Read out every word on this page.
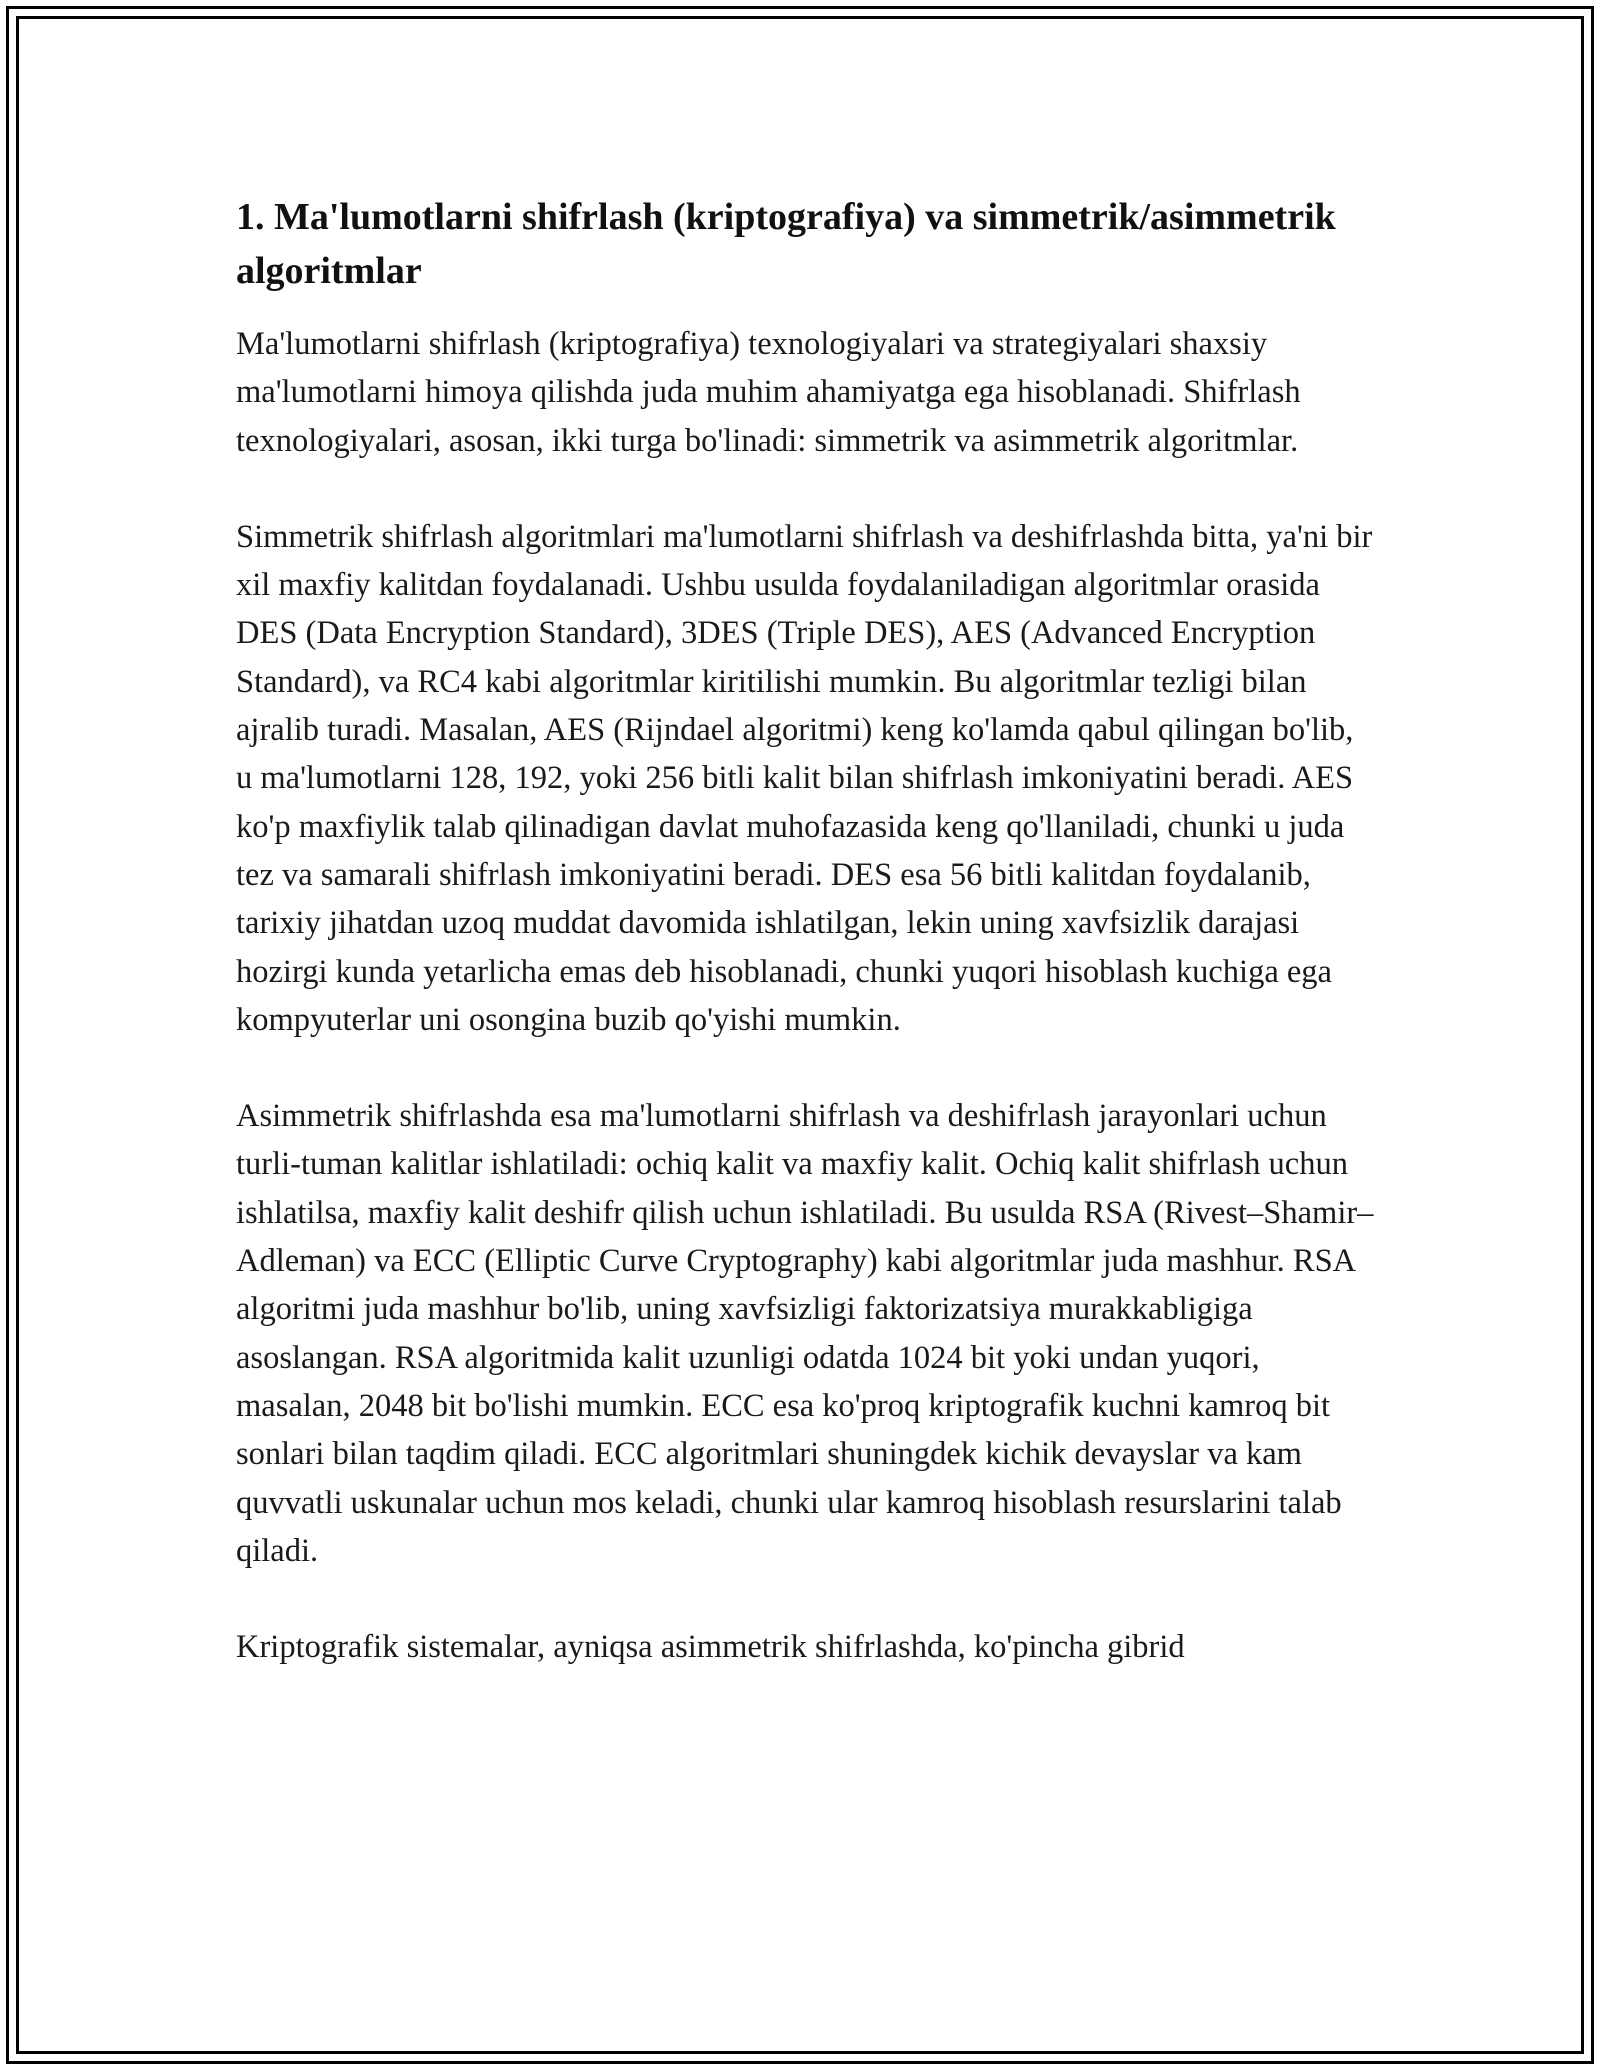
1. Ma'lumotlarni shifrlash (kriptografiya) va simmetrik/asimmetrik algoritmlar

Ma'lumotlarni shifrlash (kriptografiya) texnologiyalari va strategiyalari shaxsiy ma'lumotlarni himoya qilishda juda muhim ahamiyatga ega hisoblanadi. Shifrlash texnologiyalari, asosan, ikki turga bo'linadi: simmetrik va asimmetrik algoritmlar.

Simmetrik shifrlash algoritmlari ma'lumotlarni shifrlash va deshifrlashda bitta, ya'ni bir xil maxfiy kalitdan foydalanadi. Ushbu usulda foydalaniladigan algoritmlar orasida DES (Data Encryption Standard), 3DES (Triple DES), AES (Advanced Encryption Standard), va RC4 kabi algoritmlar kiritilishi mumkin. Bu algoritmlar tezligi bilan ajralib turadi. Masalan, AES (Rijndael algoritmi) keng ko'lamda qabul qilingan bo'lib, u ma'lumotlarni 128, 192, yoki 256 bitli kalit bilan shifrlash imkoniyatini beradi. AES ko'p maxfiylik talab qilinadigan davlat muhofazasida keng qo'llaniladi, chunki u juda tez va samarali shifrlash imkoniyatini beradi. DES esa 56 bitli kalitdan foydalanib, tarixiy jihatdan uzoq muddat davomida ishlatilgan, lekin uning xavfsizlik darajasi hozirgi kunda yetarlicha emas deb hisoblanadi, chunki yuqori hisoblash kuchiga ega kompyuterlar uni osongina buzib qo'yishi mumkin.

Asimmetrik shifrlashda esa ma'lumotlarni shifrlash va deshifrlash jarayonlari uchun turli-tuman kalitlar ishlatiladi: ochiq kalit va maxfiy kalit. Ochiq kalit shifrlash uchun ishlatilsa, maxfiy kalit deshifr qilish uchun ishlatiladi. Bu usulda RSA (Rivest–Shamir–Adleman) va ECC (Elliptic Curve Cryptography) kabi algoritmlar juda mashhur. RSA algoritmi juda mashhur bo'lib, uning xavfsizligi faktorizatsiya murakkabligiga asoslangan. RSA algoritmida kalit uzunligi odatda 1024 bit yoki undan yuqori, masalan, 2048 bit bo'lishi mumkin. ECC esa ko'proq kriptografik kuchni kamroq bit sonlari bilan taqdim qiladi. ECC algoritmlari shuningdek kichik devayslar va kam quvvatli uskunalar uchun mos keladi, chunki ular kamroq hisoblash resurslarini talab qiladi.

Kriptografik sistemalar, ayniqsa asimmetrik shifrlashda, ko'pincha gibrid
